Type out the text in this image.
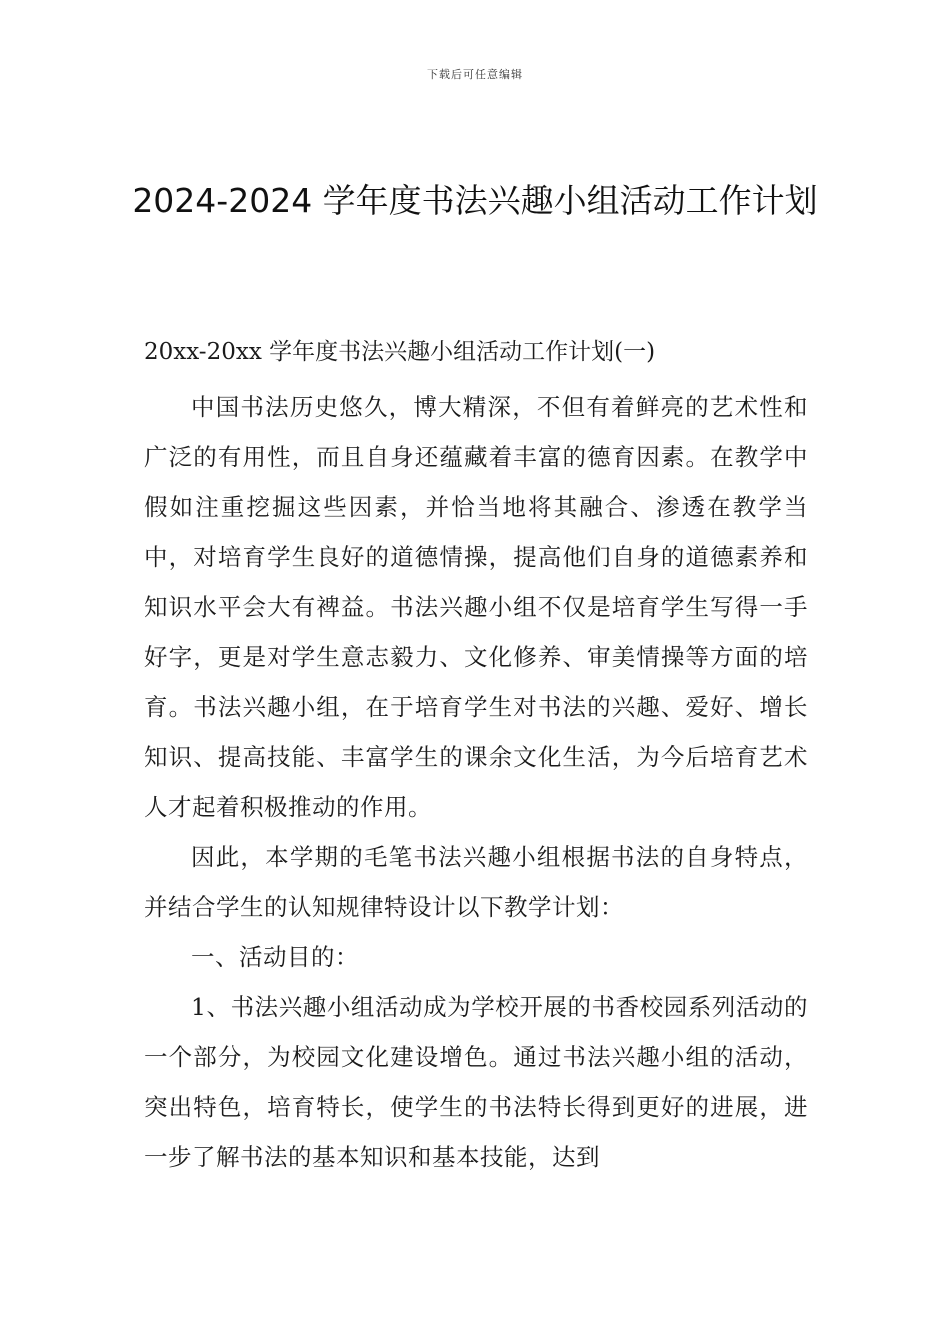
下载后可任意编辑
2024-2024 学年度书法兴趣小组活动工作计划
20xx-20xx 学年度书法兴趣小组活动工作计划(一)

中国书法历史悠久，博大精深，不但有着鲜亮的艺术性和广泛的有用性，而且自身还蕴藏着丰富的德育因素。在教学中假如注重挖掘这些因素，并恰当地将其融合、渗透在教学当中，对培育学生良好的道德情操，提高他们自身的道德素养和知识水平会大有裨益。书法兴趣小组不仅是培育学生写得一手好字，更是对学生意志毅力、文化修养、审美情操等方面的培育。书法兴趣小组，在于培育学生对书法的兴趣、爱好、增长知识、提高技能、丰富学生的课余文化生活，为今后培育艺术人才起着积极推动的作用。

因此，本学期的毛笔书法兴趣小组根据书法的自身特点，并结合学生的认知规律特设计以下教学计划：

一、活动目的：

1、书法兴趣小组活动成为学校开展的书香校园系列活动的一个部分，为校园文化建设增色。通过书法兴趣小组的活动，突出特色，培育特长，使学生的书法特长得到更好的进展，进一步了解书法的基本知识和基本技能，达到
